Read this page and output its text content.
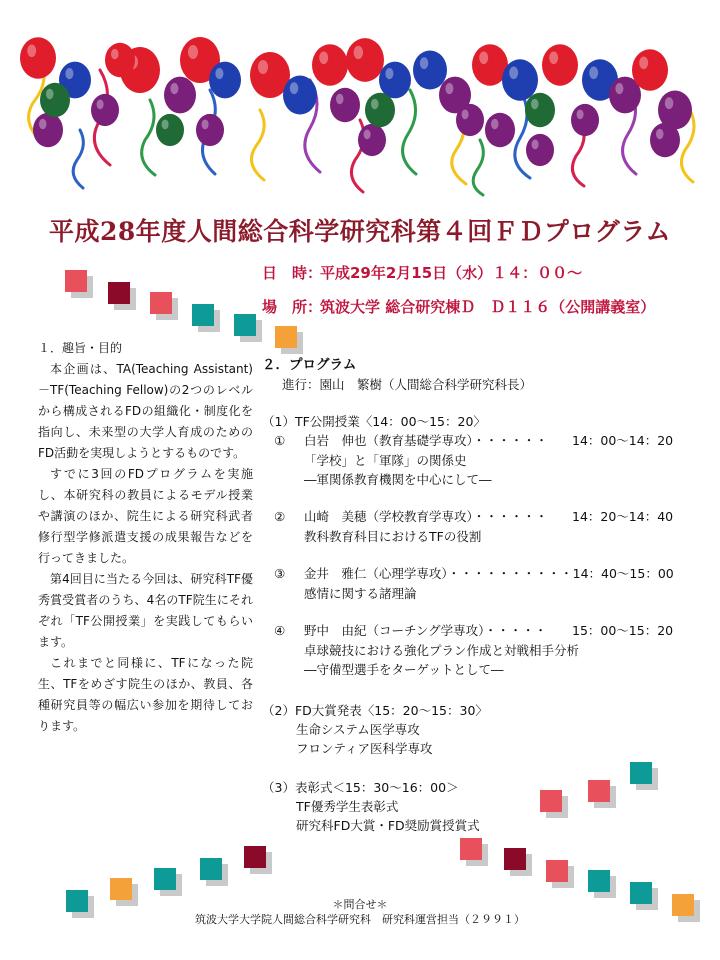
平成28年度人間総合科学研究科第４回ＦＤプログラム
日　時：平成29年2月15日（水）１４：００～
場　所：筑波大学 総合研究棟Ｄ　Ｄ１１６（公開講義室）
１．趣旨・目的

本企画は、TA(Teaching Assistant)－TF(Teaching Fellow)の2つのレベルから構成されるFDの組織化・制度化を指向し、未来型の大学人育成のためのFD活動を実現しようとするものです。

すでに3回のFDプログラムを実施し、本研究科の教員によるモデル授業や講演のほか、院生による研究科武者修行型学修派遣支援の成果報告などを行ってきました。

第4回目に当たる今回は、研究科TF優秀賞受賞者のうち、4名のTF院生にそれぞれ「TF公開授業」を実践してもらいます。

これまでと同様に、TFになった院生、TFをめざす院生のほか、教員、各種研究員等の幅広い参加を期待しております。

２．プログラム
進行：園山　繁樹（人間総合科学研究科長）
（1）TF公開授業〈14：00～15：20〉
①	白岩　伸也（教育基礎学専攻）・・・・・・	14：00～14：20
「学校」と「軍隊」の関係史
―軍関係教育機関を中心にして―
②	山崎　美穂（学校教育学専攻）・・・・・・	14：20～14：40
教科教育科目におけるTFの役割
③	金井　雅仁（心理学専攻）・・・・・・・・・・ 14：40～15：00
感情に関する諸理論
④	野中　由紀（コーチング学専攻）・・・・・	15：00～15：20
卓球競技における強化プラン作成と対戦相手分析
―守備型選手をターゲットとして―
（2）FD大賞発表〈15：20～15：30〉
生命システム医学専攻
フロンティア医科学専攻
（3）表彰式＜15：30～16：00＞
TF優秀学生表彰式
研究科FD大賞・FD奨励賞授賞式
＊問合せ＊
筑波大学大学院人間総合科学研究科　研究科運営担当（２９９１）
